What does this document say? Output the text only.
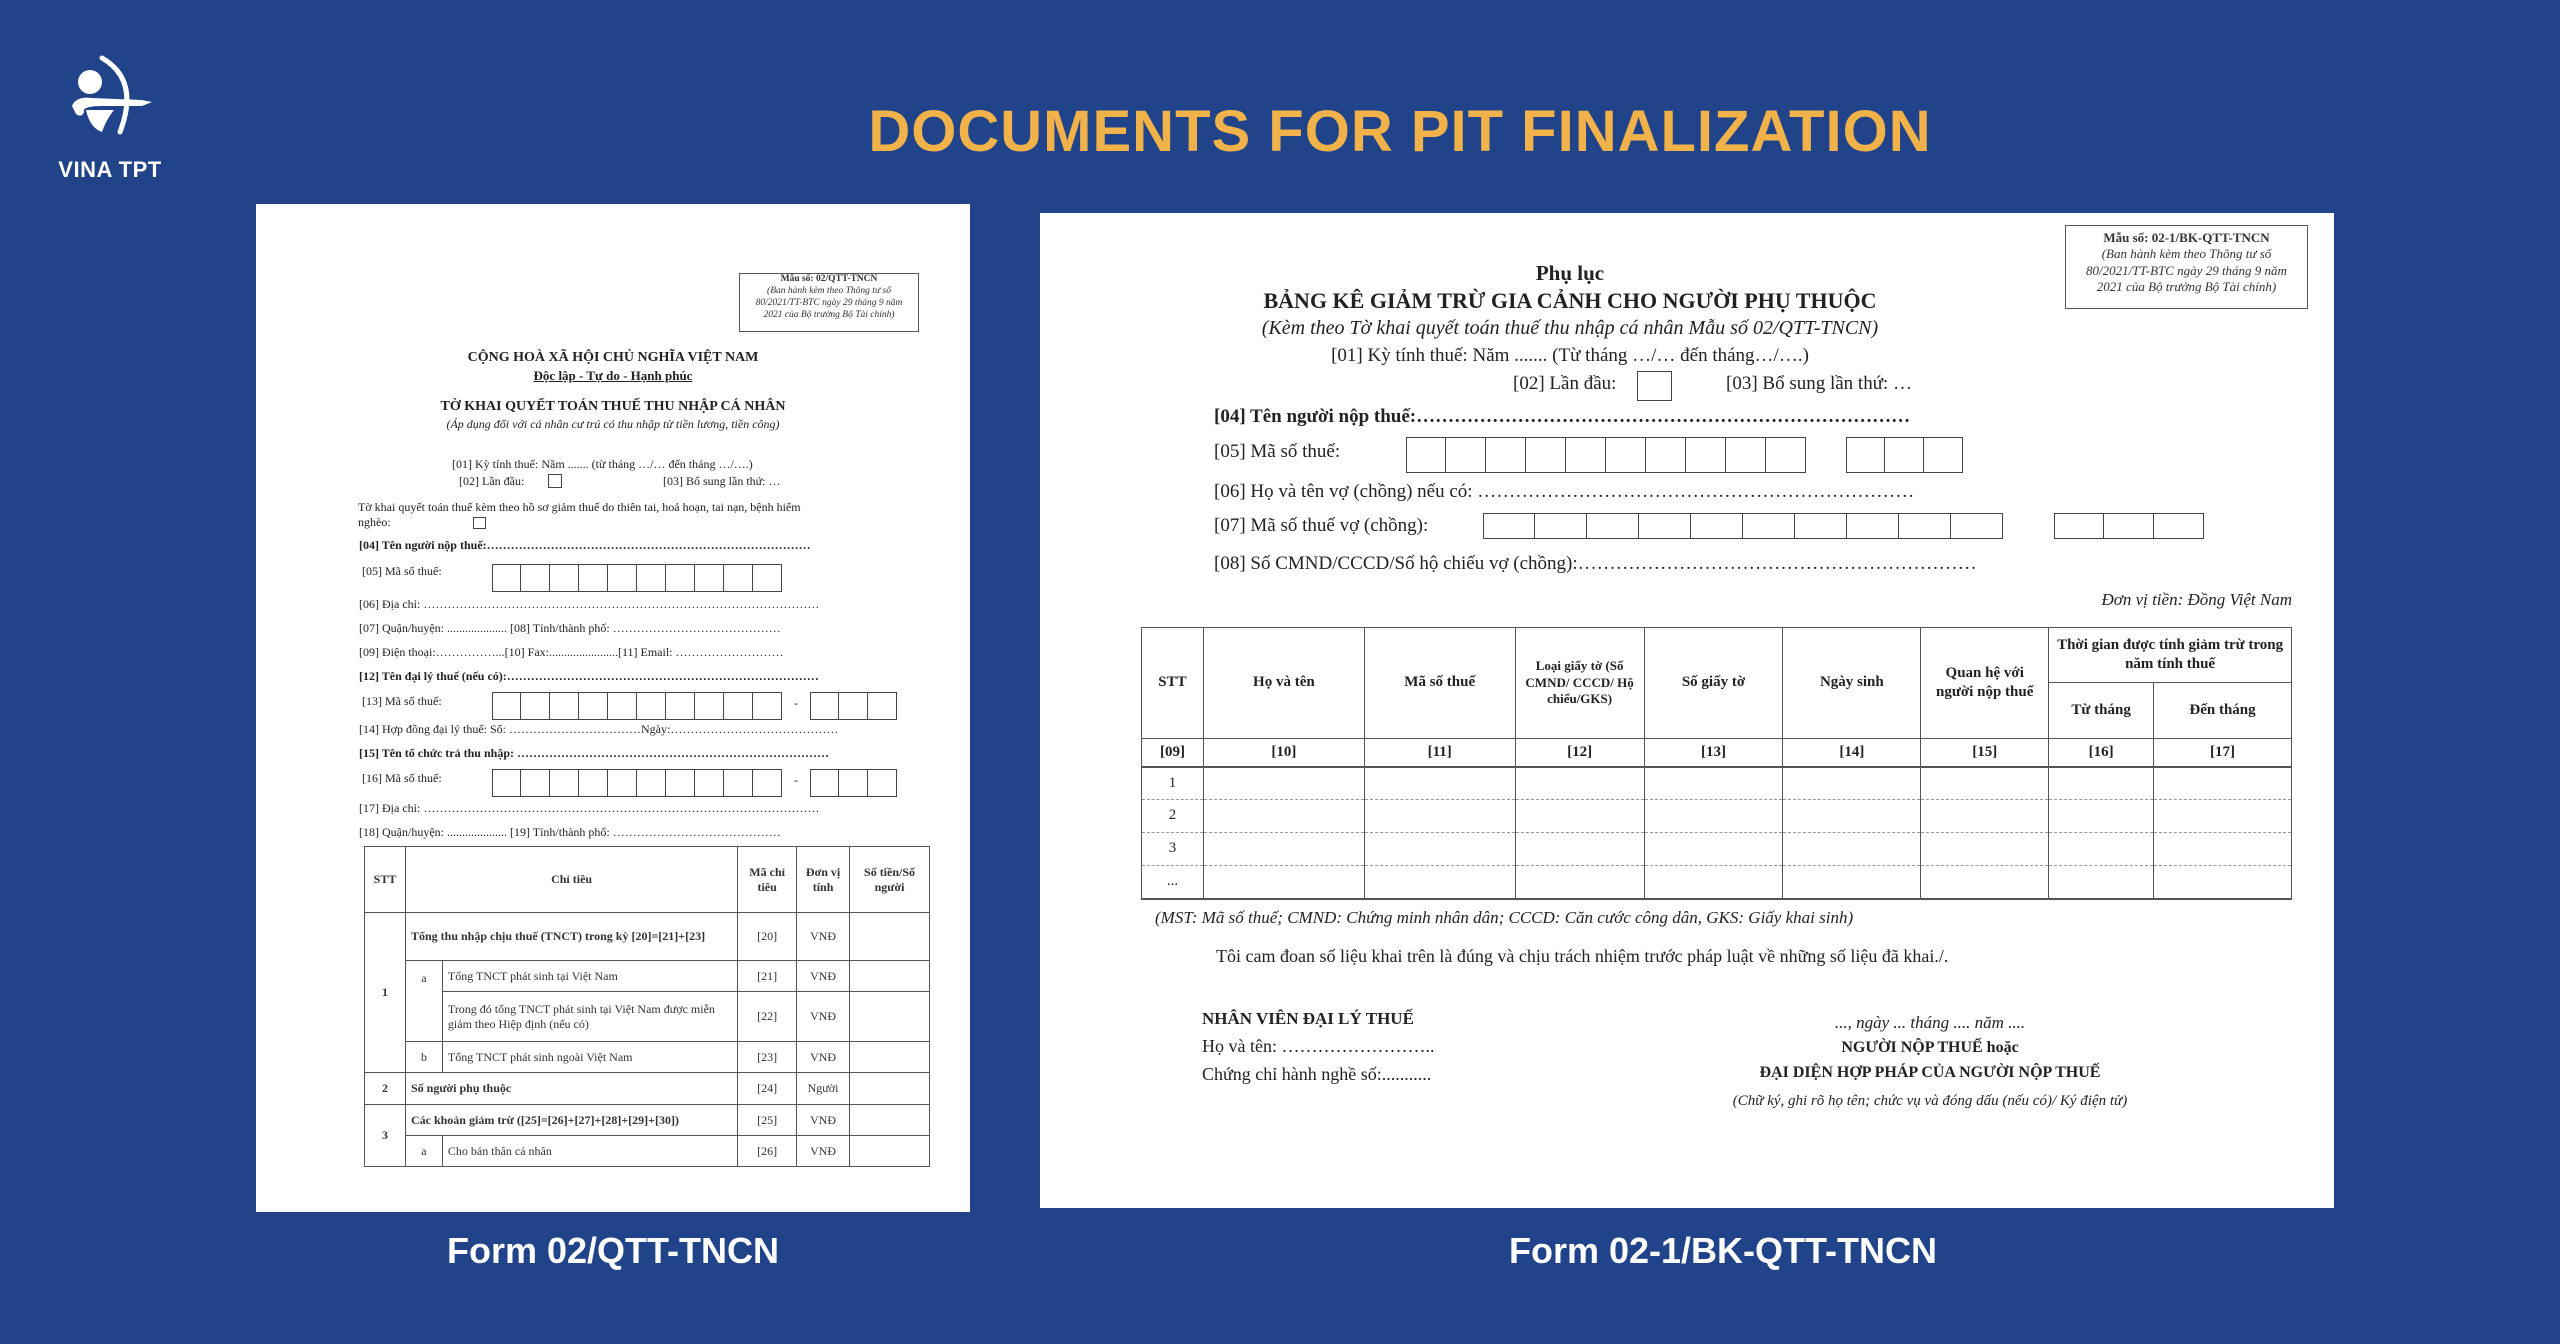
VINA TPT
DOCUMENTS FOR PIT FINALIZATION
Mẫu số: 02/QTT-TNCN
(Ban hành kèm theo Thông tư số
80/2021/TT-BTC ngày 29 tháng 9 năm
2021 của Bộ trưởng Bộ Tài chính)
CỘNG HOÀ XÃ HỘI CHỦ NGHĨA VIỆT NAM
Độc lập - Tự do - Hạnh phúc
TỜ KHAI QUYẾT TOÁN THUẾ THU NHẬP CÁ NHÂN
(Áp dụng đối với cá nhân cư trú có thu nhập từ tiền lương, tiền công)
[01] Kỳ tính thuế: Năm ....... (từ tháng …/… đến tháng …/….)
[02] Lần đầu:	[03] Bổ sung lần thứ: …
Tờ khai quyết toán thuế kèm theo hồ sơ giảm thuế do thiên tai, hoả hoạn, tai nạn, bệnh hiểm
nghèo:
[04] Tên người nộp thuế:………………………………………………………………………
[05] Mã số thuế:
[06] Địa chỉ: ………………………………………………………………………………………
[07] Quận/huyện: .................... [08] Tỉnh/thành phố: ……………………………………
[09] Điện thoại:……………...[10] Fax:.......................[11] Email: ………………………
[12] Tên đại lý thuế (nếu có):……………………………………………………………………
[13] Mã số thuế:	-
[14] Hợp đồng đại lý thuế: Số: ……………………………Ngày:……………………………………
[15] Tên tổ chức trả thu nhập: ……………………………………………………………………
[16] Mã số thuế:	-
[17] Địa chỉ: ………………………………………………………………………………………
[18] Quận/huyện: .................... [19] Tỉnh/thành phố: ……………………………………
STT	Chỉ tiêu		Mã chỉ tiêu	Đơn vị tính	Số tiền/Số người
1	Tổng thu nhập chịu thuế (TNCT) trong kỳ [20]=[21]+[23]		[20]	VNĐ	
	a	Tổng TNCT phát sinh tại Việt Nam	[21]	VNĐ	
		Trong đó tổng TNCT phát sinh tại Việt Nam được miễn giảm theo Hiệp định (nếu có)	[22]	VNĐ	
	b	Tổng TNCT phát sinh ngoài Việt Nam	[23]	VNĐ	
2	Số người phụ thuộc		[24]	Người	
3	Các khoản giảm trừ ([25]=[26]+[27]+[28]+[29]+[30])		[25]	VNĐ	
	a	Cho bản thân cá nhân	[26]	VNĐ	
Form 02/QTT-TNCN
Mẫu số: 02-1/BK-QTT-TNCN
(Ban hành kèm theo Thông tư số
80/2021/TT-BTC ngày 29 tháng 9 năm
2021 của Bộ trưởng Bộ Tài chính)
Phụ lục
BẢNG KÊ GIẢM TRỪ GIA CẢNH CHO NGƯỜI PHỤ THUỘC
(Kèm theo Tờ khai quyết toán thuế thu nhập cá nhân Mẫu số 02/QTT-TNCN)
[01] Kỳ tính thuế: Năm ....... (Từ tháng …/… đến tháng…/….)
[02] Lần đầu:	[03] Bổ sung lần thứ: …
[04] Tên người nộp thuế:……………………………………………………………………
[05] Mã số thuế:
[06] Họ và tên vợ (chồng) nếu có: ……………………………………………………………
[07] Mã số thuế vợ (chồng):
[08] Số CMND/CCCD/Số hộ chiếu vợ (chồng):………………………………………………………
Đơn vị tiền: Đồng Việt Nam
STT	Họ và tên	Mã số thuế	Loại giấy tờ (Số CMND/ CCCD/ Hộ chiếu/GKS)	Số giấy tờ	Ngày sinh	Quan hệ với người nộp thuế	Thời gian được tính giảm trừ trong năm tính thuế	
							Từ tháng	Đến tháng
[09]	[10]	[11]	[12]	[13]	[14]	[15]	[16]	[17]
1								
2								
3								
...								
(MST: Mã số thuế; CMND: Chứng minh nhân dân; CCCD: Căn cước công dân, GKS: Giấy khai sinh)
Tôi cam đoan số liệu khai trên là đúng và chịu trách nhiệm trước pháp luật về những số liệu đã khai./.
NHÂN VIÊN ĐẠI LÝ THUẾ
Họ và tên: ……………………..
Chứng chỉ hành nghề số:...........
..., ngày ... tháng .... năm ....
NGƯỜI NỘP THUẾ hoặc
ĐẠI DIỆN HỢP PHÁP CỦA NGƯỜI NỘP THUẾ
(Chữ ký, ghi rõ họ tên; chức vụ và đóng dấu (nếu có)/ Ký điện tử)
Form 02-1/BK-QTT-TNCN
